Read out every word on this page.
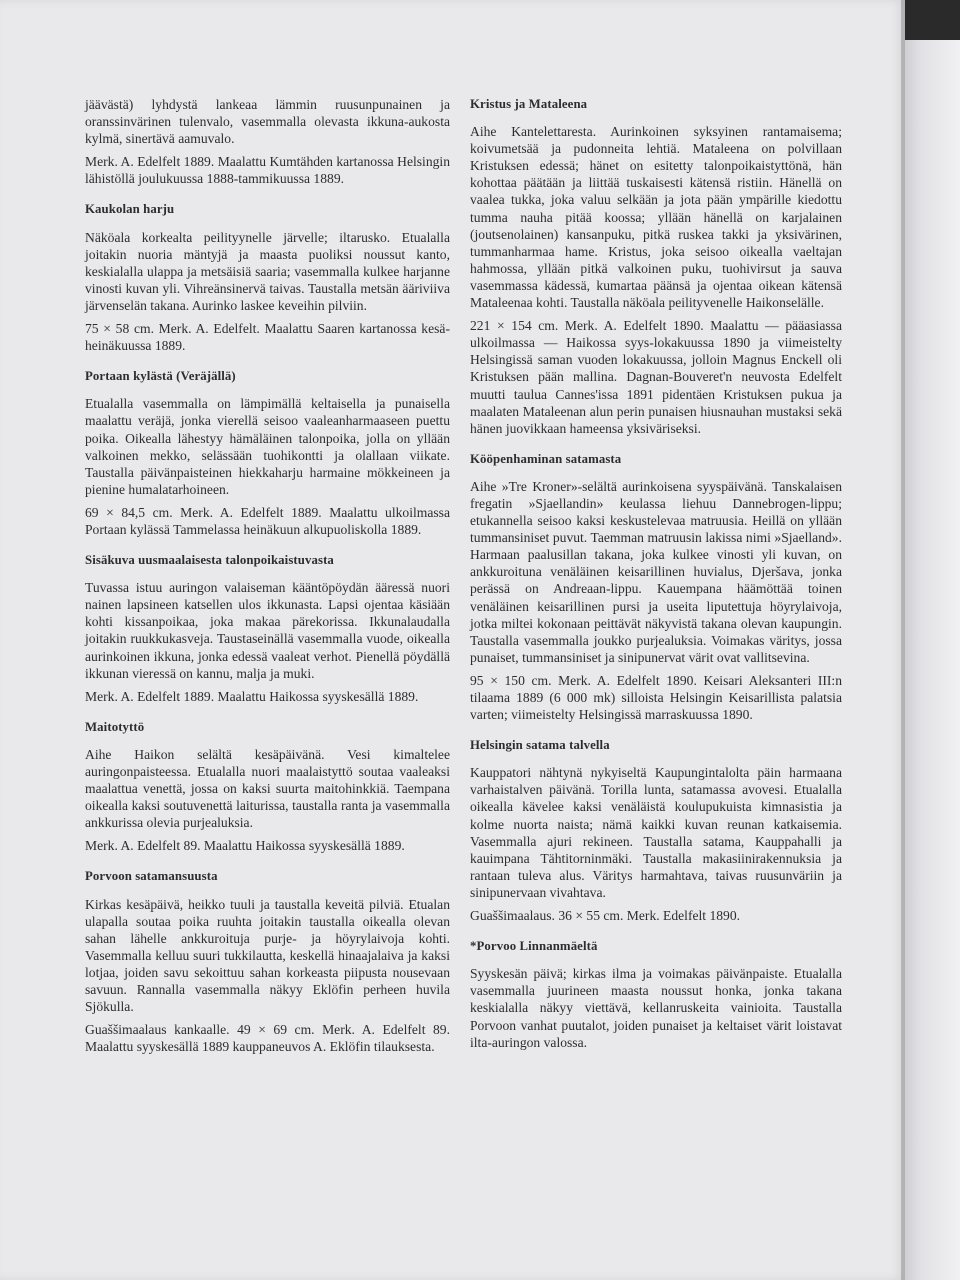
jäävästä) lyhdystä lankeaa lämmin ruusunpunainen ja oranssinvärinen tulenvalo, vasemmalla olevasta ikkuna-aukosta kylmä, sinertävä aamuvalo.

Merk. A. Edelfelt 1889. Maalattu Kumtähden kartanossa Helsingin lähistöllä joulukuussa 1888-tammikuussa 1889.

Kaukolan harju

Näköala korkealta peilityynelle järvelle; iltarusko. Etualalla joitakin nuoria mäntyjä ja maasta puoliksi noussut kanto, keskialalla ulappa ja metsäisiä saaria; vasemmalla kulkee harjanne vinosti kuvan yli. Vihreänsinervä taivas. Taustalla metsän ääriviiva järvenselän takana. Aurinko laskee keveihin pilviin.

75 × 58 cm. Merk. A. Edelfelt. Maalattu Saaren kartanossa kesä-heinäkuussa 1889.

Portaan kylästä (Veräjällä)

Etualalla vasemmalla on lämpimällä keltaisella ja punaisella maalattu veräjä, jonka vierellä seisoo vaaleanharmaaseen puettu poika. Oikealla lähestyy hämäläinen talonpoika, jolla on yllään valkoinen mekko, selässään tuohikontti ja olallaan viikate. Taustalla päivänpaisteinen hiekkaharju harmaine mökkeineen ja pienine humalatarhoineen.

69 × 84,5 cm. Merk. A. Edelfelt 1889. Maalattu ulkoilmassa Portaan kylässä Tammelassa heinäkuun alkupuoliskolla 1889.

Sisäkuva uusmaalaisesta talonpoikaistuvasta

Tuvassa istuu auringon valaiseman kääntöpöydän ääressä nuori nainen lapsineen katsellen ulos ikkunasta. Lapsi ojentaa käsiään kohti kissanpoikaa, joka makaa pärekorissa. Ikkunalaudalla joitakin ruukkukasveja. Taustaseinällä vasemmalla vuode, oikealla aurinkoinen ikkuna, jonka edessä vaaleat verhot. Pienellä pöydällä ikkunan vieressä on kannu, malja ja muki.

Merk. A. Edelfelt 1889. Maalattu Haikossa syyskesällä 1889.

Maitotyttö

Aihe Haikon selältä kesäpäivänä. Vesi kimaltelee auringonpaisteessa. Etualalla nuori maalaistyttö soutaa vaaleaksi maalattua venettä, jossa on kaksi suurta maitohinkkiä. Taempana oikealla kaksi soutuvenettä laiturissa, taustalla ranta ja vasemmalla ankkurissa olevia purjealuksia.

Merk. A. Edelfelt 89. Maalattu Haikossa syyskesällä 1889.

Porvoon satamansuusta

Kirkas kesäpäivä, heikko tuuli ja taustalla keveitä pilviä. Etualan ulapalla soutaa poika ruuhta joitakin taustalla oikealla olevan sahan lähelle ankkuroituja purje- ja höyrylaivoja kohti. Vasemmalla kelluu suuri tukkilautta, keskellä hinaajalaiva ja kaksi lotjaa, joiden savu sekoittuu sahan korkeasta piipusta nousevaan savuun. Rannalla vasemmalla näkyy Eklöfin perheen huvila Sjökulla.

Guaššimaalaus kankaalle. 49 × 69 cm. Merk. A. Edelfelt 89. Maalattu syyskesällä 1889 kauppaneuvos A. Eklöfin tilauksesta.

Kristus ja Mataleena

Aihe Kantelettaresta. Aurinkoinen syksyinen rantamaisema; koivumetsää ja pudonneita lehtiä. Mataleena on polvillaan Kristuksen edessä; hänet on esitetty talonpoikaistyttönä, hän kohottaa päätään ja liittää tuskaisesti kätensä ristiin. Hänellä on vaalea tukka, joka valuu selkään ja jota pään ympärille kiedottu tumma nauha pitää koossa; yllään hänellä on karjalainen (joutsenolainen) kansanpuku, pitkä ruskea takki ja yksivärinen, tummanharmaa hame. Kristus, joka seisoo oikealla vaeltajan hahmossa, yllään pitkä valkoinen puku, tuohivirsut ja sauva vasemmassa kädessä, kumartaa päänsä ja ojentaa oikean kätensä Mataleenaa kohti. Taustalla näköala peilityvenelle Haikonselälle.

221 × 154 cm. Merk. A. Edelfelt 1890. Maalattu — pääasiassa ulkoilmassa — Haikossa syys-lokakuussa 1890 ja viimeistelty Helsingissä saman vuoden lokakuussa, jolloin Magnus Enckell oli Kristuksen pään mallina. Dagnan-Bouveret'n neuvosta Edelfelt muutti taulua Cannes'issa 1891 pidentäen Kristuksen pukua ja maalaten Mataleenan alun perin punaisen hiusnauhan mustaksi sekä hänen juovikkaan hameensa yksiväriseksi.

Kööpenhaminan satamasta

Aihe »Tre Kroner»-selältä aurinkoisena syyspäivänä. Tanskalaisen fregatin »Sjaellandin» keulassa liehuu Dannebrogen-lippu; etukannella seisoo kaksi keskustelevaa matruusia. Heillä on yllään tummansiniset puvut. Taemman matruusin lakissa nimi »Sjaelland». Harmaan paalusillan takana, joka kulkee vinosti yli kuvan, on ankkuroituna venäläinen keisarillinen huvialus, Djeršava, jonka perässä on Andreaan-lippu. Kauempana häämöttää toinen venäläinen keisarillinen pursi ja useita liputettuja höyrylaivoja, jotka miltei kokonaan peittävät näkyvistä takana olevan kaupungin. Taustalla vasemmalla joukko purjealuksia. Voimakas väritys, jossa punaiset, tummansiniset ja sinipunervat värit ovat vallitsevina.

95 × 150 cm. Merk. A. Edelfelt 1890. Keisari Aleksanteri III:n tilaama 1889 (6 000 mk) silloista Helsingin Keisarillista palatsia varten; viimeistelty Helsingissä marraskuussa 1890.

Helsingin satama talvella

Kauppatori nähtynä nykyiseltä Kaupungintalolta päin harmaana varhaistalven päivänä. Torilla lunta, satamassa avovesi. Etualalla oikealla kävelee kaksi venäläistä koulupukuista kimnasistia ja kolme nuorta naista; nämä kaikki kuvan reunan katkaisemia. Vasemmalla ajuri rekineen. Taustalla satama, Kauppahalli ja kauimpana Tähtitorninmäki. Taustalla makasiinirakennuksia ja rantaan tuleva alus. Väritys harmahtava, taivas ruusunväriin ja sinipunervaan vivahtava.

Guaššimaalaus. 36 × 55 cm. Merk. Edelfelt 1890.

*Porvoo Linnanmäeltä

Syyskesän päivä; kirkas ilma ja voimakas päivänpaiste. Etualalla vasemmalla juurineen maasta noussut honka, jonka takana keskialalla näkyy viettävä, kellanruskeita vainioita. Taustalla Porvoon vanhat puutalot, joiden punaiset ja keltaiset värit loistavat ilta-auringon valossa.
